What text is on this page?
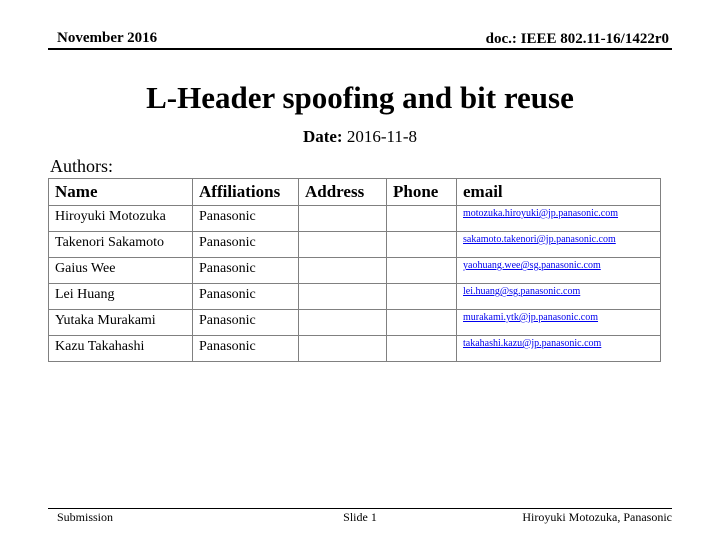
November 2016	doc.: IEEE 802.11-16/1422r0
L-Header spoofing and bit reuse
Date: 2016-11-8
Authors:
Name	Affiliations	Address	Phone	email
Hiroyuki Motozuka	Panasonic			motozuka.hiroyuki@jp.panasonic.com
Takenori Sakamoto	Panasonic			sakamoto.takenori@jp.panasonic.com
Gaius Wee	Panasonic			yaohuang.wee@sg.panasonic.com
Lei Huang	Panasonic			lei.huang@sg.panasonic.com
Yutaka Murakami	Panasonic			murakami.ytk@jp.panasonic.com
Kazu Takahashi	Panasonic			takahashi.kazu@jp.panasonic.com
Submission	Slide 1	Hiroyuki Motozuka, Panasonic
